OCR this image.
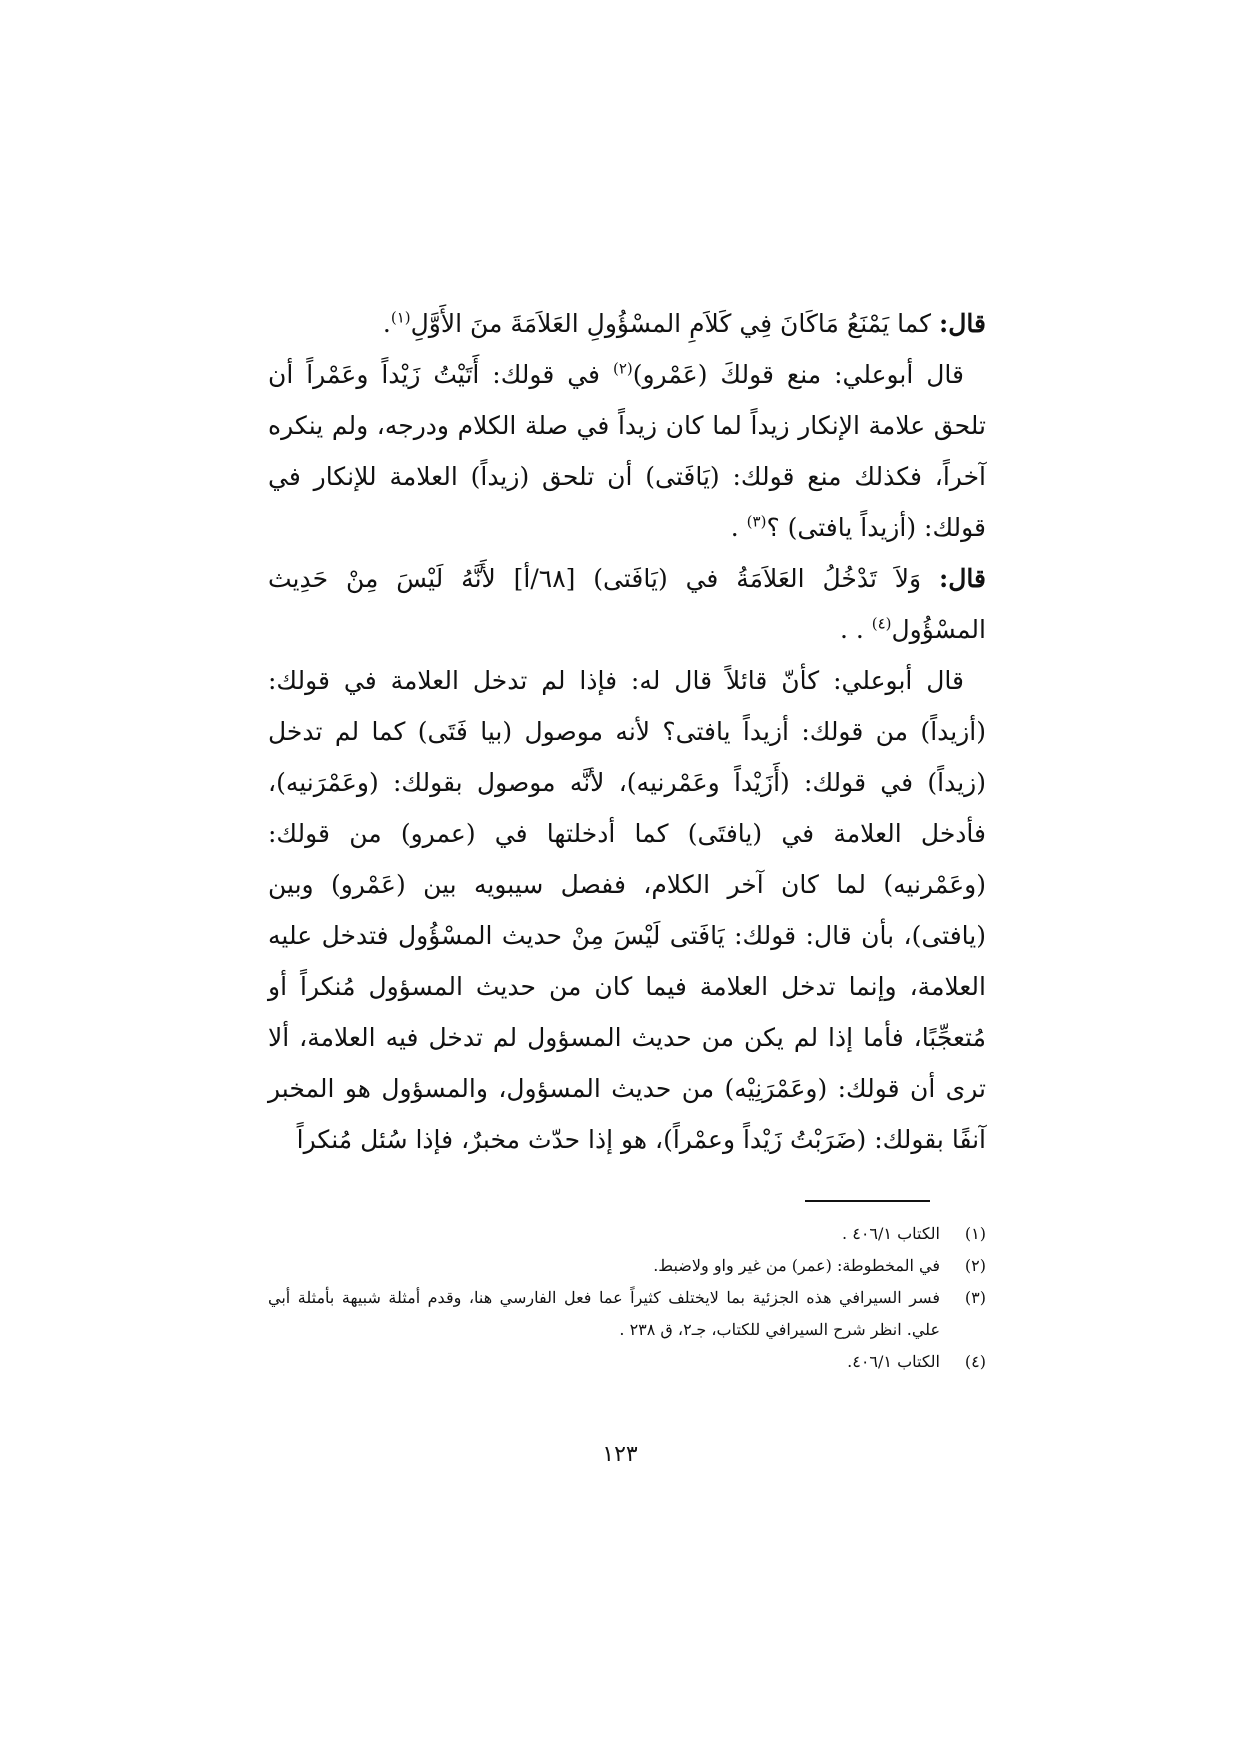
قال: كما يَمْنَعُ مَاكَانَ فِي كَلاَمِ المسْؤُولِ العَلاَمَةَ منَ الأَوَّلِ$^{(١)}$.

قال أبوعلي: منع قولكَ (عَمْرو)$^{(٢)}$ في قولك: أَتَيْتُ زَيْداً وعَمْراً أن تلحق علامة الإنكار زيداً لما كان زيداً في صلة الكلام ودرجه، ولم ينكره آخراً، فكذلك منع قولك: (يَافَتى) أن تلحق (زيداً) العلامة للإنكار في قولك: (أزيداً يافتى) ؟$^{(٣)}$ .

قال: وَلاَ تَدْخُلُ العَلاَمَةُ في (يَافَتى) [٦٨/أ] لأَنَّهُ لَيْسَ مِنْ حَدِيث المسْؤُول$^{(٤)}$ . .

قال أبوعلي: كأنّ قائلاً قال له: فإذا لم تدخل العلامة في قولك: (أزيداً) من قولك: أزيداً يافتى؟ لأنه موصول (بيا فَتَى) كما لم تدخل (زيداً) في قولك: (أَزَيْداً وعَمْرنيه)، لأنَّه موصول بقولك: (وعَمْرَنيه)، فأدخل العلامة في (يافتَى) كما أدخلتها في (عمرو) من قولك: (وعَمْرنيه) لما كان آخر الكلام، ففصل سيبويه بين (عَمْرو) وبين (يافتى)، بأن قال: قولك: يَافَتى لَيْسَ مِنْ حديث المسْؤُول فتدخل عليه العلامة، وإنما تدخل العلامة فيما كان من حديث المسؤول مُنكراً أو مُتعجِّبًا، فأما إذا لم يكن من حديث المسؤول لم تدخل فيه العلامة، ألا ترى أن قولك: (وعَمْرَنِيْه) من حديث المسؤول، والمسؤول هو المخبر آنفًا بقولك: (ضَرَبْتُ زَيْداً وعمْراً)، هو إذا حدّث مخبرٌ، فإذا سُئل مُنكراً

(١)
الكتاب ٤٠٦/١ .
(٢)
في المخطوطة: (عمر) من غير واو ولاضبط.
(٣)
فسر السيرافي هذه الجزئية بما لايختلف كثيراً عما فعل الفارسي هنا، وقدم أمثلة شبيهة بأمثلة أبي علي. انظر شرح السيرافي للكتاب، جـ٢، ق ٢٣٨ .
(٤)
الكتاب ٤٠٦/١.
١٢٣
